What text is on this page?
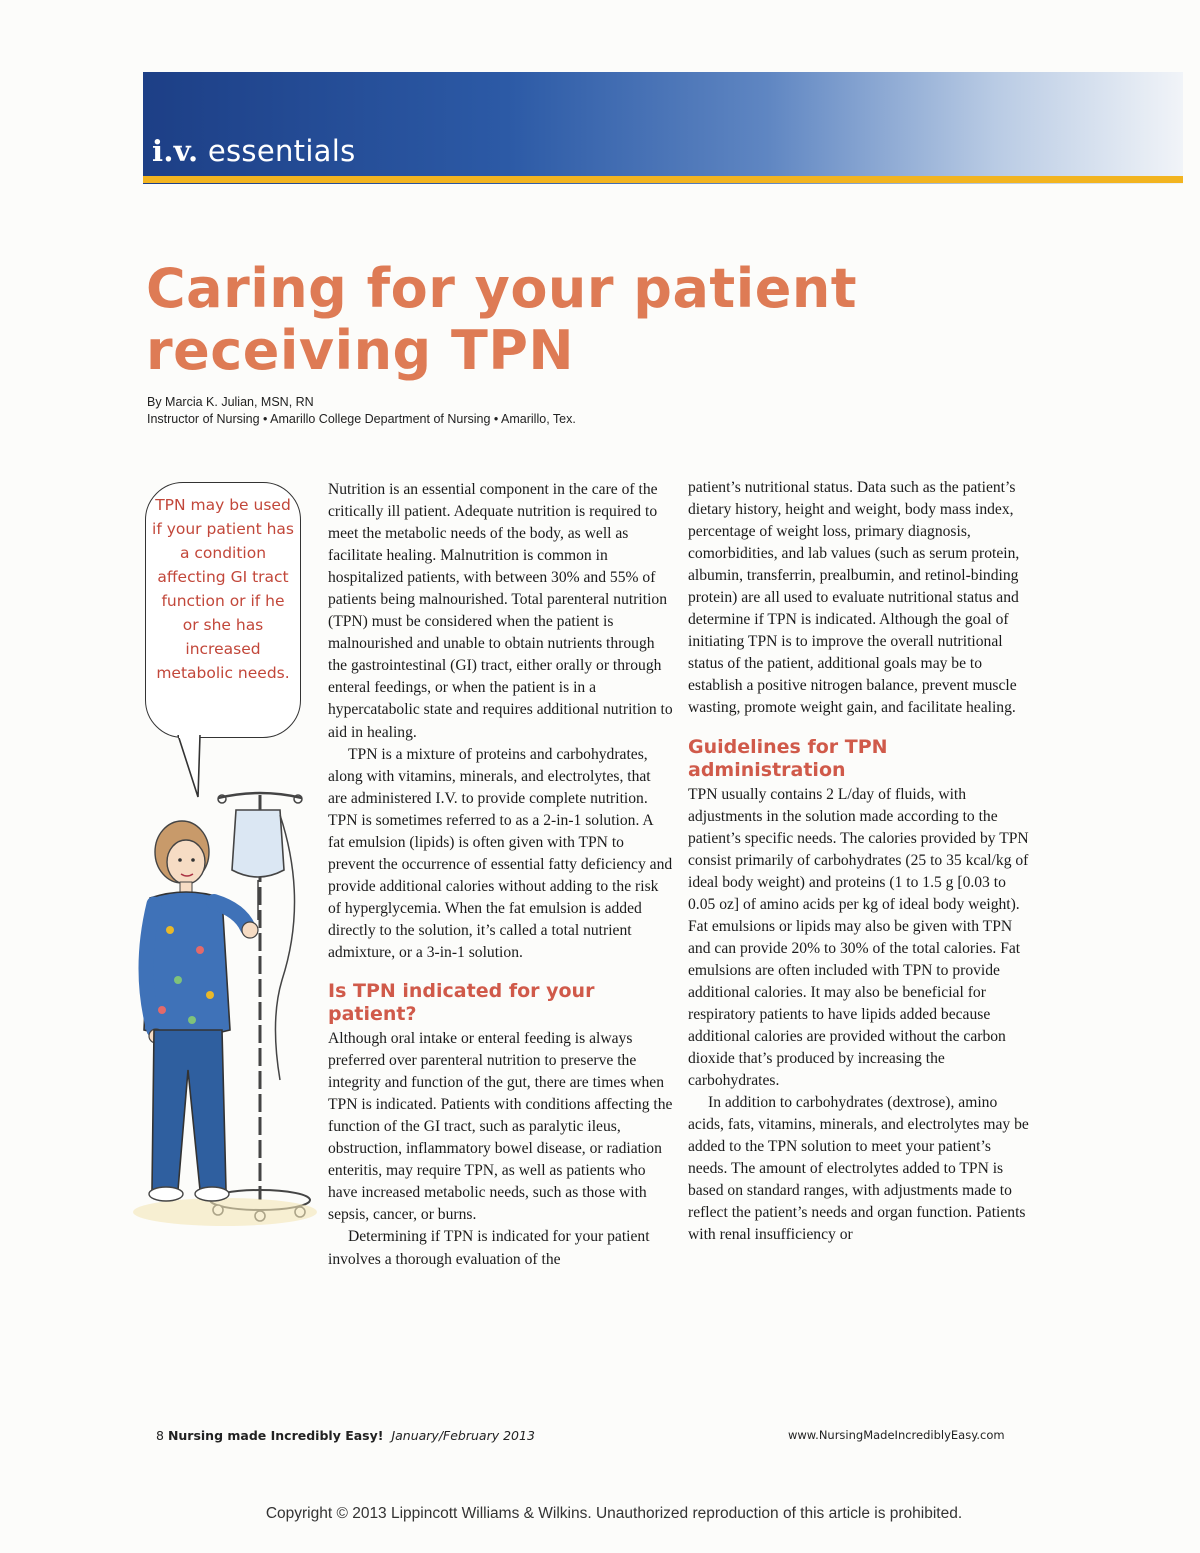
i.v. essentials
Caring for your patient
receiving TPN
By Marcia K. Julian, MSN, RN
Instructor of Nursing • Amarillo College Department of Nursing • Amarillo, Tex.
TPN may be used if your patient has a condition affecting GI tract function or if he or she has increased metabolic needs.

Nutrition is an essential component in the care of the critically ill patient. Adequate nutrition is required to meet the metabolic needs of the body, as well as facilitate healing. Malnutrition is common in hospitalized patients, with between 30% and 55% of patients being malnourished. Total parenteral nutrition (TPN) must be considered when the patient is malnourished and unable to obtain nutrients through the gastrointestinal (GI) tract, either orally or through enteral feedings, or when the patient is in a hypercatabolic state and requires additional nutrition to aid in healing.

TPN is a mixture of proteins and carbohydrates, along with vitamins, minerals, and electrolytes, that are administered I.V. to provide complete nutrition. TPN is sometimes referred to as a 2-in-1 solution. A fat emulsion (lipids) is often given with TPN to prevent the occurrence of essential fatty deficiency and provide additional calories without adding to the risk of hyperglycemia. When the fat emulsion is added directly to the solution, it’s called a total nutrient admixture, or a 3-in-1 solution.

Is TPN indicated for your patient?

Although oral intake or enteral feeding is always preferred over parenteral nutrition to preserve the integrity and function of the gut, there are times when TPN is indicated. Patients with conditions affecting the function of the GI tract, such as paralytic ileus, obstruction, inflammatory bowel disease, or radiation enteritis, may require TPN, as well as patients who have increased metabolic needs, such as those with sepsis, cancer, or burns.

Determining if TPN is indicated for your patient involves a thorough evaluation of the

patient’s nutritional status. Data such as the patient’s dietary history, height and weight, body mass index, percentage of weight loss, primary diagnosis, comorbidities, and lab values (such as serum protein, albumin, transferrin, prealbumin, and retinol-binding protein) are all used to evaluate nutritional status and determine if TPN is indicated. Although the goal of initiating TPN is to improve the overall nutritional status of the patient, additional goals may be to establish a positive nitrogen balance, prevent muscle wasting, promote weight gain, and facilitate healing.

Guidelines for TPN administration

TPN usually contains 2 L/day of fluids, with adjustments in the solution made according to the patient’s specific needs. The calories provided by TPN consist primarily of carbohydrates (25 to 35 kcal/kg of ideal body weight) and proteins (1 to 1.5 g [0.03 to 0.05 oz] of amino acids per kg of ideal body weight). Fat emulsions or lipids may also be given with TPN and can provide 20% to 30% of the total calories. Fat emulsions are often included with TPN to provide additional calories. It may also be beneficial for respiratory patients to have lipids added because additional calories are provided without the carbon dioxide that’s produced by increasing the carbohydrates.

In addition to carbohydrates (dextrose), amino acids, fats, vitamins, minerals, and electrolytes may be added to the TPN solution to meet your patient’s needs. The amount of electrolytes added to TPN is based on standard ranges, with adjustments made to reflect the patient’s needs and organ function. Patients with renal insufficiency or

8 Nursing made Incredibly Easy! January/February 2013	www.NursingMadeIncrediblyEasy.com
Copyright © 2013 Lippincott Williams & Wilkins. Unauthorized reproduction of this article is prohibited.
